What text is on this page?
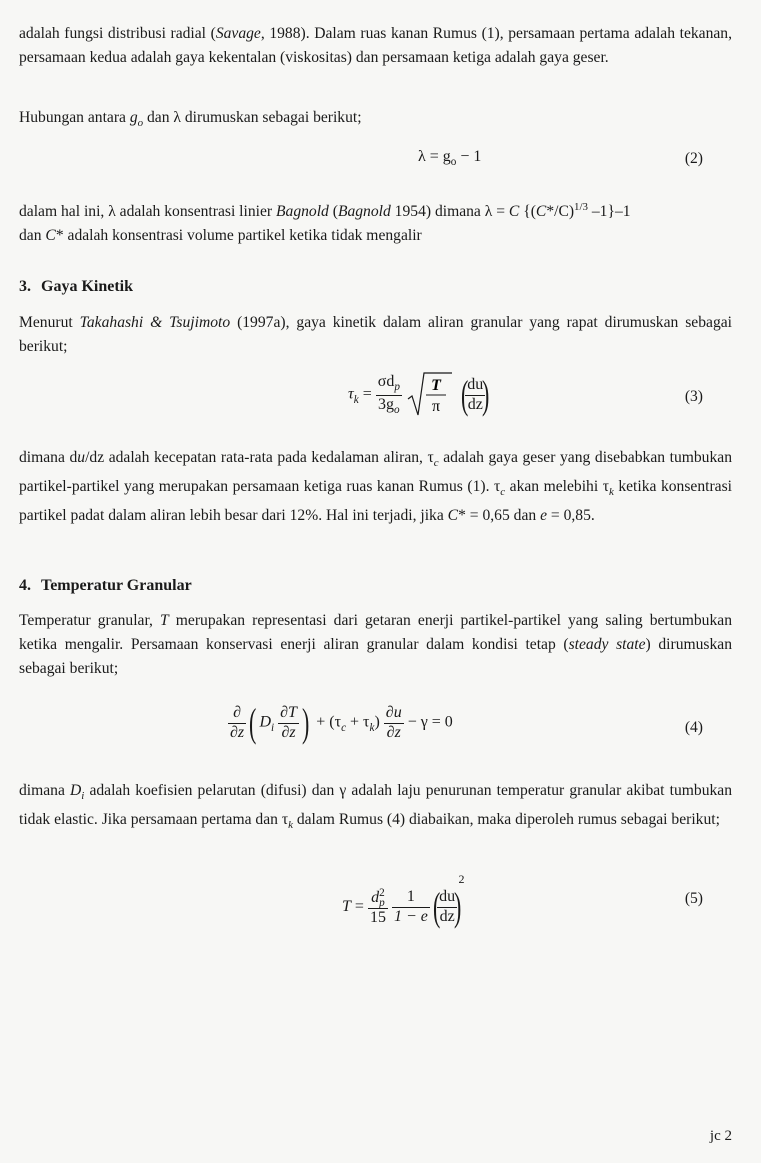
adalah fungsi distribusi radial (Savage, 1988). Dalam ruas kanan Rumus (1), persamaan pertama adalah tekanan, persamaan kedua adalah gaya kekentalan (viskositas) dan persamaan ketiga adalah gaya geser.

Hubungan antara $g_o$ dan λ dirumuskan sebagai berikut;

$\lambda = g_o - 1$	(2)

dalam hal ini, λ adalah konsentrasi linier Bagnold (Bagnold 1954) dimana λ = C {$(C*/C)^{1/3}$ –1}–1
dan C* adalah konsentrasi volume partikel ketika tidak mengalir

3. Gaya Kinetik

Menurut Takahashi & Tsujimoto (1997a), gaya kinetik dalam aliran granular yang rapat dirumuskan sebagai berikut;

$\tau_k = \frac{\sigma d_p}{3g_o}$
T
π (
$\frac{du}{dz}$
)	(3)

dimana du/dz adalah kecepatan rata-rata pada kedalaman aliran, $\tau_c$ adalah gaya geser yang disebabkan tumbukan partikel-partikel yang merupakan persamaan ketiga ruas kanan Rumus (1). $\tau_c$ akan melebihi $\tau_k$ ketika konsentrasi partikel padat dalam aliran lebih besar dari 12%. Hal ini terjadi, jika C* = 0,65 dan e = 0,85.

4. Temperatur Granular

Temperatur granular, T merupakan representasi dari getaran enerji partikel-partikel yang saling bertumbukan ketika mengalir. Persamaan konservasi enerji aliran granular dalam kondisi tetap (steady state) dirumuskan sebagai berikut;

$\frac{\partial}{\partial z}$ ( $D_i \frac{\partial T}{\partial z}$ ) + $(\tau_c + \tau_k) \frac{\partial u}{\partial z} - \gamma = 0$	(4)

dimana $D_i$ adalah koefisien pelarutan (difusi) dan γ adalah laju penurunan temperatur granular akibat tumbukan tidak elastic. Jika persamaan pertama dan $\tau_k$ dalam Rumus (4) diabaikan, maka diperoleh rumus sebagai berikut;

T = d 2
p
15
$\frac{1}{1 - e}$ (
$\frac{du}{dz}$
)$^2$
(5)
jc 2
